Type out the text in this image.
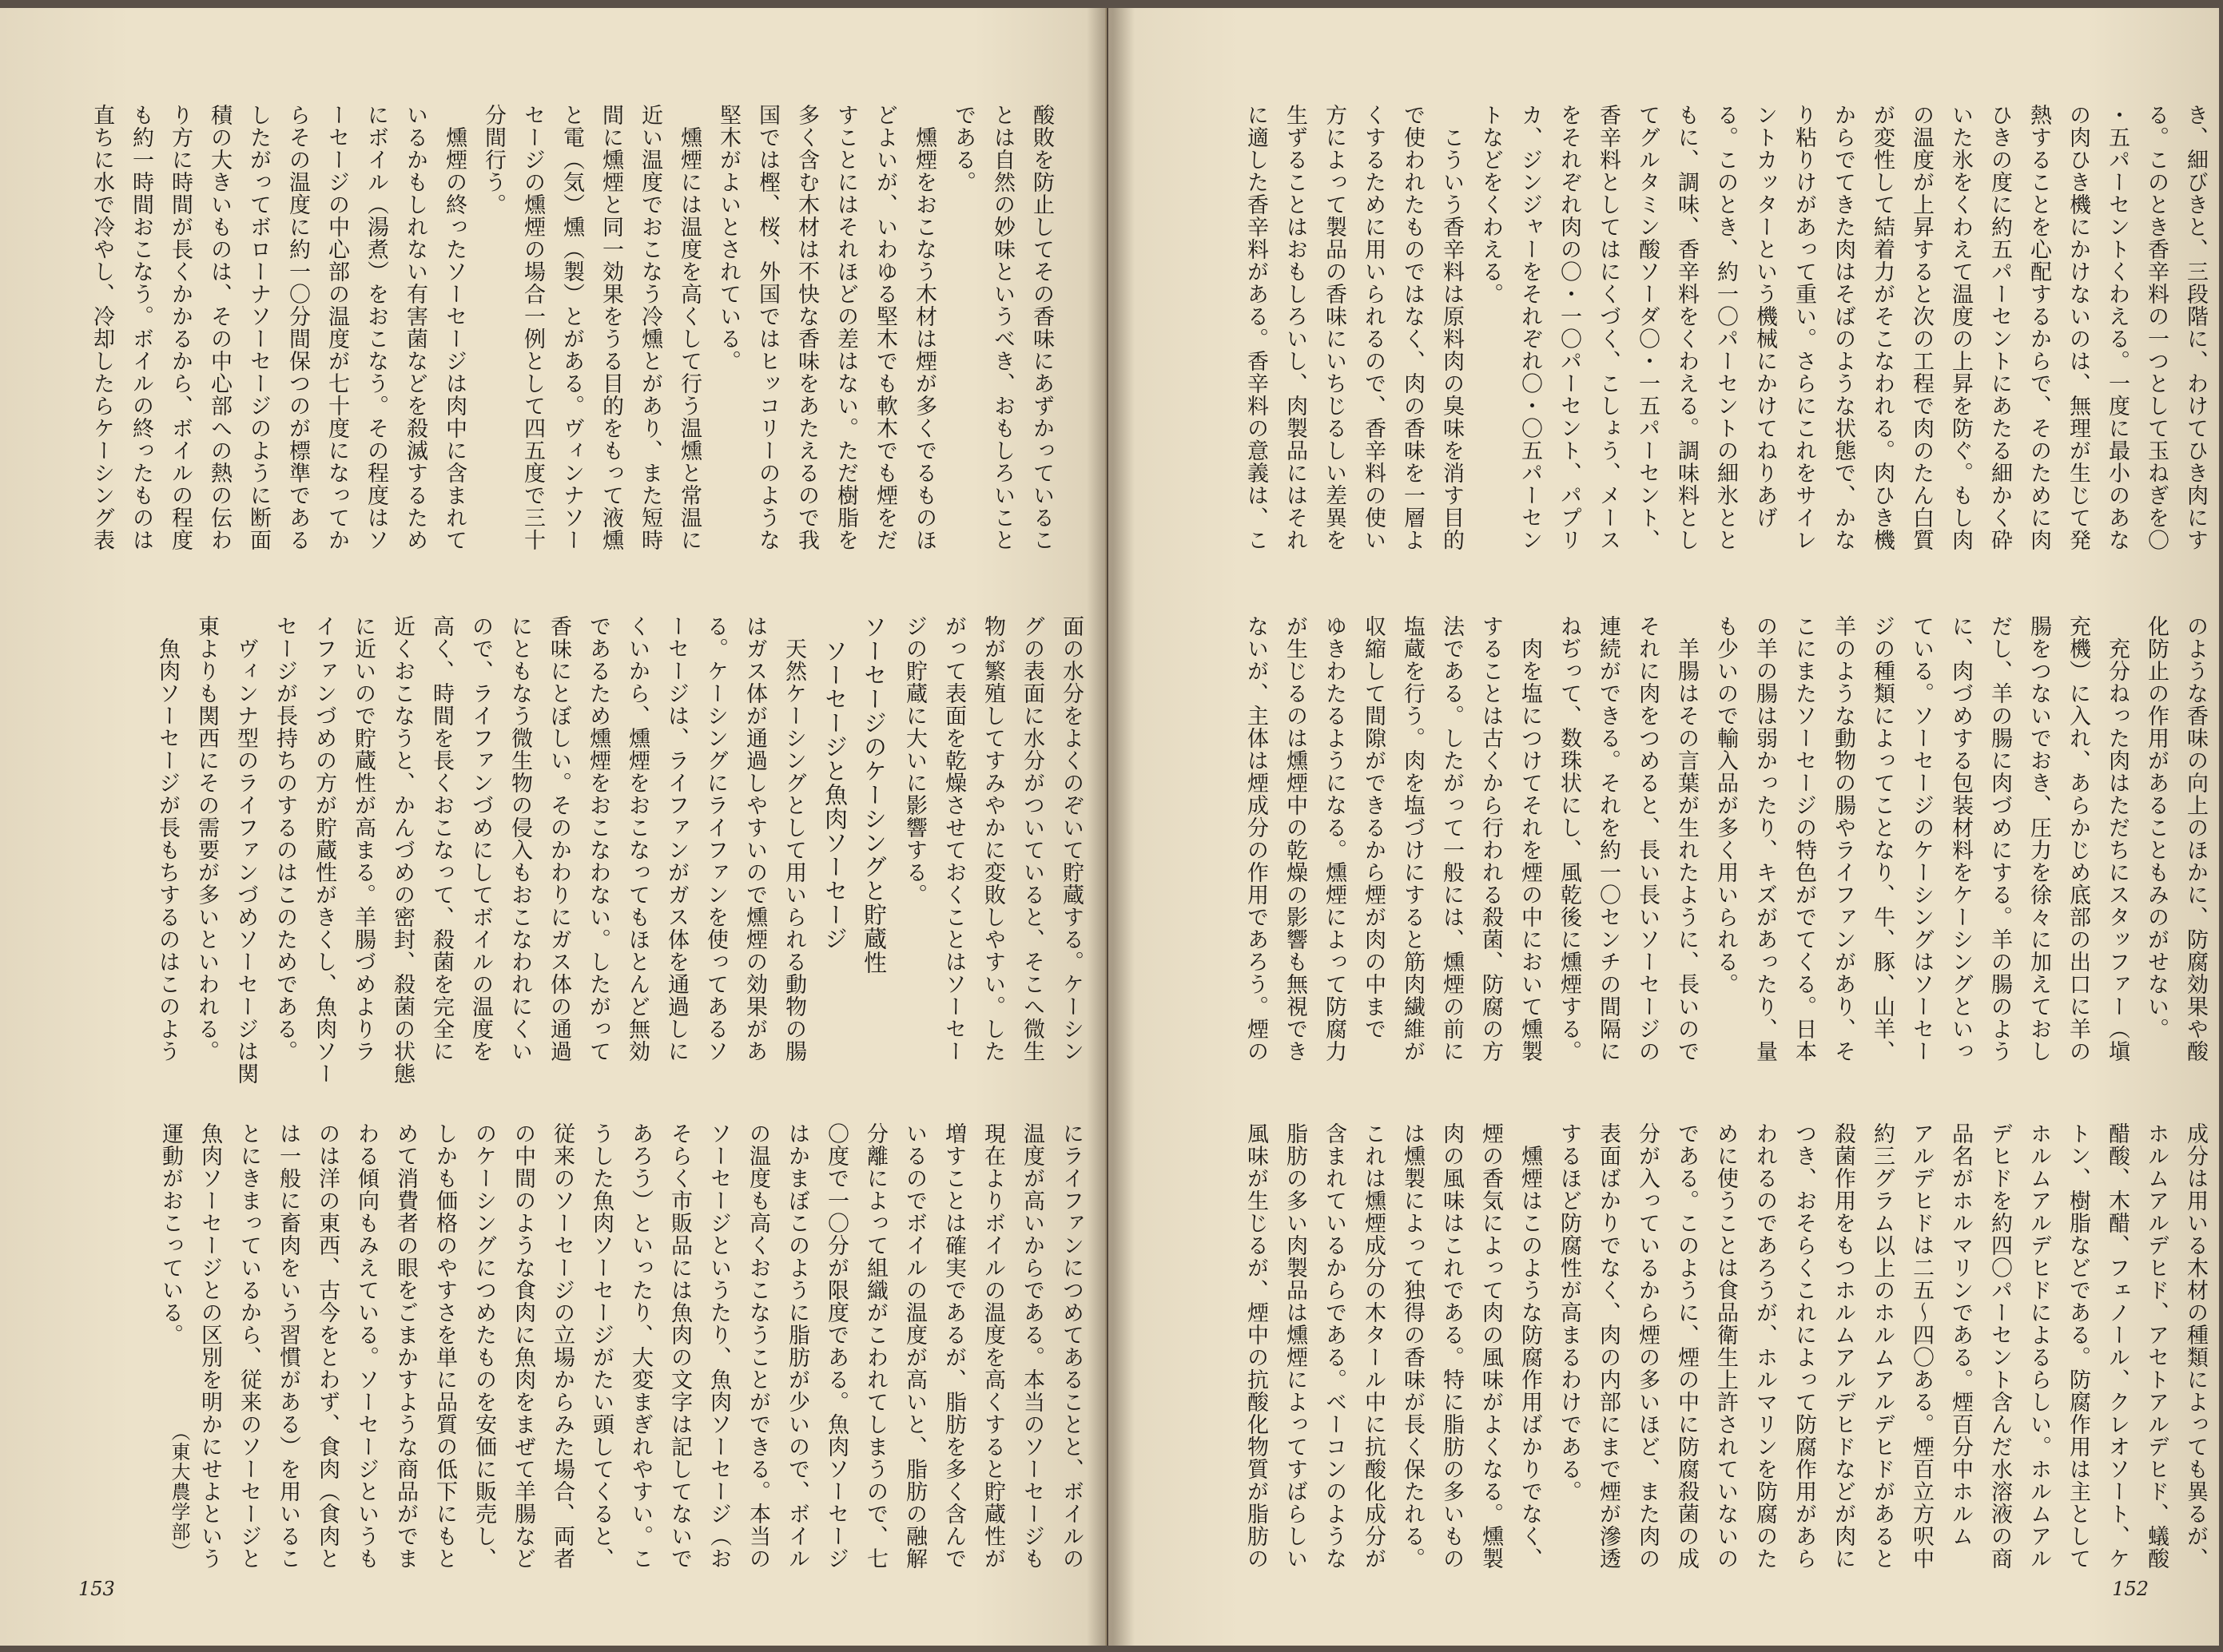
酸敗を防止してその香味にあずかっているこ
とは自然の妙味というべき、おもしろいこと
である。
　燻煙をおこなう木材は煙が多くでるものほ
どよいが、いわゆる堅木でも軟木でも煙をだ
すことにはそれほどの差はない。ただ樹脂を
多く含む木材は不快な香味をあたえるので我
国では樫、桜、外国ではヒッコリーのような
堅木がよいとされている。
　燻煙には温度を高くして行う温燻と常温に
近い温度でおこなう冷燻とがあり、また短時
間に燻煙と同一効果をうる目的をもって液燻
と電（気）燻（製）とがある。ヴィンナソー
セージの燻煙の場合一例として四五度で三十
分間行う。
　燻煙の終ったソーセージは肉中に含まれて
いるかもしれない有害菌などを殺滅するため
にボイル（湯煮）をおこなう。その程度はソ
ーセージの中心部の温度が七十度になってか
らその温度に約一〇分間保つのが標準である
したがってボローナソーセージのように断面
積の大きいものは、その中心部への熱の伝わ
り方に時間が長くかかるから、ボイルの程度
も約一時間おこなう。ボイルの終ったものは
直ちに水で冷やし、冷却したらケーシング表
面の水分をよくのぞいて貯蔵する。ケーシン
グの表面に水分がついていると、そこへ微生
物が繁殖してすみやかに変敗しやすい。した
がって表面を乾燥させておくことはソーセー
ジの貯蔵に大いに影響する。
ソーセージのケーシングと貯蔵性
　ソーセージと魚肉ソーセージ
　天然ケーシングとして用いられる動物の腸
はガス体が通過しやすいので燻煙の効果があ
る。ケーシングにライファンを使ってあるソ
ーセージは、ライファンがガス体を通過しに
くいから、燻煙をおこなってもほとんど無効
であるため燻煙をおこなわない。したがって
香味にとぼしい。そのかわりにガス体の通過
にともなう微生物の侵入もおこなわれにくい
ので、ライファンづめにしてボイルの温度を
高く、時間を長くおこなって、殺菌を完全に
近くおこなうと、かんづめの密封、殺菌の状態
に近いので貯蔵性が高まる。羊腸づめよりラ
イファンづめの方が貯蔵性がきくし、魚肉ソー
セージが長持ちのするのはこのためである。
　ヴィンナ型のライファンづめソーセージは関
東よりも関西にその需要が多いといわれる。
　魚肉ソーセージが長もちするのはこのよう
にライファンにつめてあることと、ボイルの
温度が高いからである。本当のソーセージも
現在よりボイルの温度を高くすると貯蔵性が
増すことは確実であるが、脂肪を多く含んで
いるのでボイルの温度が高いと、脂肪の融解
分離によって組織がこわれてしまうので、七
〇度で一〇分が限度である。魚肉ソーセージ
はかまぼこのように脂肪が少いので、ボイル
の温度も高くおこなうことができる。本当の
ソーセージというたり、魚肉ソーセージ（お
そらく市販品には魚肉の文字は記してないで
あろう）といったり、大変まぎれやすい。こ
うした魚肉ソーセージがたい頭してくると、
従来のソーセージの立場からみた場合、両者
の中間のような食肉に魚肉をまぜて羊腸など
のケーシングにつめたものを安価に販売し、
しかも価格のやすさを単に品質の低下にもと
めて消費者の眼をごまかすような商品がでま
わる傾向もみえている。ソーセージというも
のは洋の東西、古今をとわず、食肉（食肉と
は一般に畜肉をいう習慣がある）を用いるこ
とにきまっているから、従来のソーセージと
魚肉ソーセージとの区別を明かにせよという
運動がおこっている。
（東大農学部）
153
き、細びきと、三段階に、わけてひき肉にす
る。このとき香辛料の一つとして玉ねぎを〇
・五パーセントくわえる。一度に最小のあな
の肉ひき機にかけないのは、無理が生じて発
熱することを心配するからで、そのために肉
ひきの度に約五パーセントにあたる細かく砕
いた氷をくわえて温度の上昇を防ぐ。もし肉
の温度が上昇すると次の工程で肉のたん白質
が変性して結着力がそこなわれる。肉ひき機
からでてきた肉はそばのような状態で、かな
り粘りけがあって重い。さらにこれをサイレ
ントカッターという機械にかけてねりあげ
る。このとき、約一〇パーセントの細氷とと
もに、調味、香辛料をくわえる。調味料とし
てグルタミン酸ソーダ〇・一五パーセント、
香辛料としてはにくづく、こしょう、メース
をそれぞれ肉の〇・一〇パーセント、パプリ
カ、ジンジャーをそれぞれ〇・〇五パーセン
トなどをくわえる。
　こういう香辛料は原料肉の臭味を消す目的
で使われたものではなく、肉の香味を一層よ
くするために用いられるので、香辛料の使い
方によって製品の香味にいちじるしい差異を
生ずることはおもしろいし、肉製品にはそれ
に適した香辛料がある。香辛料の意義は、こ
のような香味の向上のほかに、防腐効果や酸
化防止の作用があることもみのがせない。
　充分ねった肉はただちにスタッファー（塡
充機）に入れ、あらかじめ底部の出口に羊の
腸をつないでおき、圧力を徐々に加えておし
だし、羊の腸に肉づめにする。羊の腸のよう
に、肉づめする包装材料をケーシングといっ
ている。ソーセージのケーシングはソーセー
ジの種類によってことなり、牛、豚、山羊、
羊のような動物の腸やライファンがあり、そ
こにまたソーセージの特色がでてくる。日本
の羊の腸は弱かったり、キズがあったり、量
も少いので輸入品が多く用いられる。
　羊腸はその言葉が生れたように、長いので
それに肉をつめると、長い長いソーセージの
連続ができる。それを約一〇センチの間隔に
ねぢって、数珠状にし、風乾後に燻煙する。
　肉を塩につけてそれを煙の中において燻製
することは古くから行われる殺菌、防腐の方
法である。したがって一般には、燻煙の前に
塩蔵を行う。肉を塩づけにすると筋肉繊維が
収縮して間隙ができるから煙が肉の中まで
ゆきわたるようになる。燻煙によって防腐力
が生じるのは燻煙中の乾燥の影響も無視でき
ないが、主体は煙成分の作用であろう。煙の
成分は用いる木材の種類によっても異るが、
ホルムアルデヒド、アセトアルデヒド、蟻酸
醋酸、木醋、フェノール、クレオソート、ケ
トン、樹脂などである。防腐作用は主として
ホルムアルデヒドによるらしい。ホルムアル
デヒドを約四〇パーセント含んだ水溶液の商
品名がホルマリンである。煙百分中ホルム
アルデヒドは二五〜四〇ある。煙百立方呎中
約三グラム以上のホルムアルデヒドがあると
殺菌作用をもつホルムアルデヒドなどが肉に
つき、おそらくこれによって防腐作用があら
われるのであろうが、ホルマリンを防腐のた
めに使うことは食品衛生上許されていないの
である。このように、煙の中に防腐殺菌の成
分が入っているから煙の多いほど、また肉の
表面ばかりでなく、肉の内部にまで煙が滲透
するほど防腐性が高まるわけである。
　燻煙はこのような防腐作用ばかりでなく、
煙の香気によって肉の風味がよくなる。燻製
肉の風味はこれである。特に脂肪の多いもの
は燻製によって独得の香味が長く保たれる。
これは燻煙成分の木タール中に抗酸化成分が
含まれているからである。ベーコンのような
脂肪の多い肉製品は燻煙によってすばらしい
風味が生じるが、煙中の抗酸化物質が脂肪の
152
